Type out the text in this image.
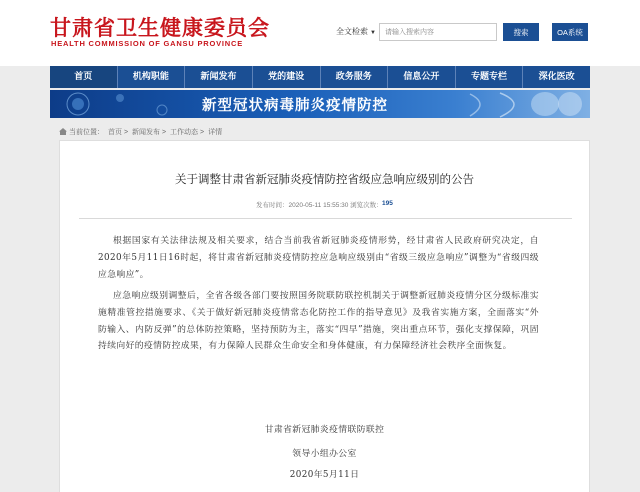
甘肃省卫生健康委员会
HEALTH COMMISSION OF GANSU PROVINCE
全文检索 ▼
请输入搜索内容	搜索	OA系统
首页	机构职能	新闻发布	党的建设	政务服务	信息公开	专题专栏	深化医改
新型冠状病毒肺炎疫情防控
当前位置： 首页 > 新闻发布 > 工作动态 > 详情
关于调整甘肃省新冠肺炎疫情防控省级应急响应级别的公告
发布时间：2020-05-11 15:55:30 浏览次数： 195

根据国家有关法律法规及相关要求，结合当前我省新冠肺炎疫情形势，经甘肃省人民政府研究决定，自2020年5月11日16时起，将甘肃省新冠肺炎疫情防控应急响应级别由“省级三级应急响应”调整为“省级四级应急响应”。

应急响应级别调整后，全省各级各部门要按照国务院联防联控机制关于调整新冠肺炎疫情分区分级标准实施精准管控措施要求、《关于做好新冠肺炎疫情常态化防控工作的指导意见》及我省实施方案，全面落实“外防输入、内防反弹”的总体防控策略，坚持预防为主，落实“四早”措施，突出重点环节，强化支撑保障，巩固持续向好的疫情防控成果，有力保障人民群众生命安全和身体健康，有力保障经济社会秩序全面恢复。

甘肃省新冠肺炎疫情联防联控
领导小组办公室
2020年5月11日
